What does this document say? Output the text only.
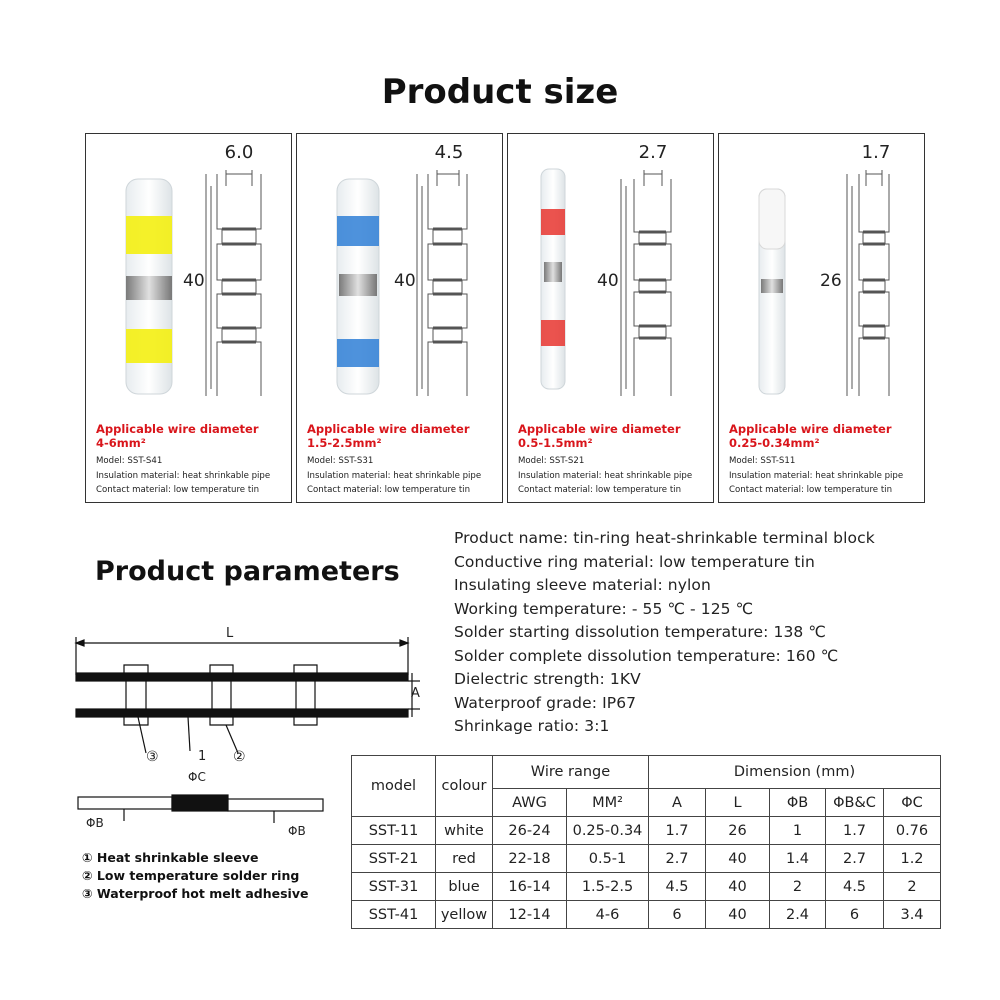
Product size
6.0
40
Applicable wire diameter
4-6mm²
Model: SST-S41
Insulation material: heat shrinkable pipe
Contact material: low temperature tin
4.5
40
Applicable wire diameter
1.5-2.5mm²
Model: SST-S31
Insulation material: heat shrinkable pipe
Contact material: low temperature tin
2.7
40
Applicable wire diameter
0.5-1.5mm²
Model: SST-S21
Insulation material: heat shrinkable pipe
Contact material: low temperature tin
1.7
26
Applicable wire diameter
0.25-0.34mm²
Model: SST-S11
Insulation material: heat shrinkable pipe
Contact material: low temperature tin
Product parameters
Product name: tin-ring heat-shrinkable terminal block
Conductive ring material: low temperature tin
Insulating sleeve material: nylon
Working temperature: - 55 ℃ - 125 ℃
Solder starting dissolution temperature: 138 ℃
Solder complete dissolution temperature: 160 ℃
Dielectric strength: 1KV
Waterproof grade: IP67
Shrinkage ratio: 3:1
L
A
③	1 ②
ΦC
ΦB
ΦB
① Heat shrinkable sleeve
② Low temperature solder ring
③ Waterproof hot melt adhesive
model	colour	Wire range		Dimension (mm)				
		AWG	MM²	A	L	ΦB	ΦB&C	ΦC
SST-11	white	26-24	0.25-0.34	1.7	26	1	1.7	0.76
SST-21	red	22-18	0.5-1	2.7	40	1.4	2.7	1.2
SST-31	blue	16-14	1.5-2.5	4.5	40	2	4.5	2
SST-41	yellow	12-14	4-6	6	40	2.4	6	3.4
